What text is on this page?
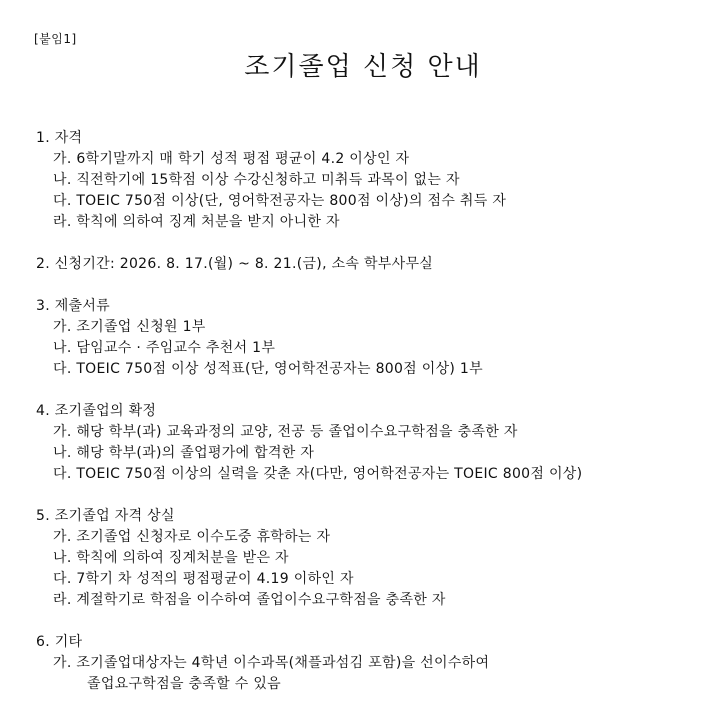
[붙임1]
조기졸업 신청 안내
1. 자격
가. 6학기말까지 매 학기 성적 평점 평균이 4.2 이상인 자
나. 직전학기에 15학점 이상 수강신청하고 미취득 과목이 없는 자
다. TOEIC 750점 이상(단, 영어학전공자는 800점 이상)의 점수 취득 자
라. 학칙에 의하여 징계 처분을 받지 아니한 자
2. 신청기간: 2026. 8. 17.(월) ~ 8. 21.(금), 소속 학부사무실
3. 제출서류
가. 조기졸업 신청원 1부
나. 담임교수 · 주임교수 추천서 1부
다. TOEIC 750점 이상 성적표(단, 영어학전공자는 800점 이상) 1부
4. 조기졸업의 확정
가. 해당 학부(과) 교육과정의 교양, 전공 등 졸업이수요구학점을 충족한 자
나. 해당 학부(과)의 졸업평가에 합격한 자
다. TOEIC 750점 이상의 실력을 갖춘 자(다만, 영어학전공자는 TOEIC 800점 이상)
5. 조기졸업 자격 상실
가. 조기졸업 신청자로 이수도중 휴학하는 자
나. 학칙에 의하여 징계처분을 받은 자
다. 7학기 차 성적의 평점평균이 4.19 이하인 자
라. 계절학기로 학점을 이수하여 졸업이수요구학점을 충족한 자
6. 기타
가. 조기졸업대상자는 4학년 이수과목(채플과섬김 포함)을 선이수하여
졸업요구학점을 충족할 수 있음
